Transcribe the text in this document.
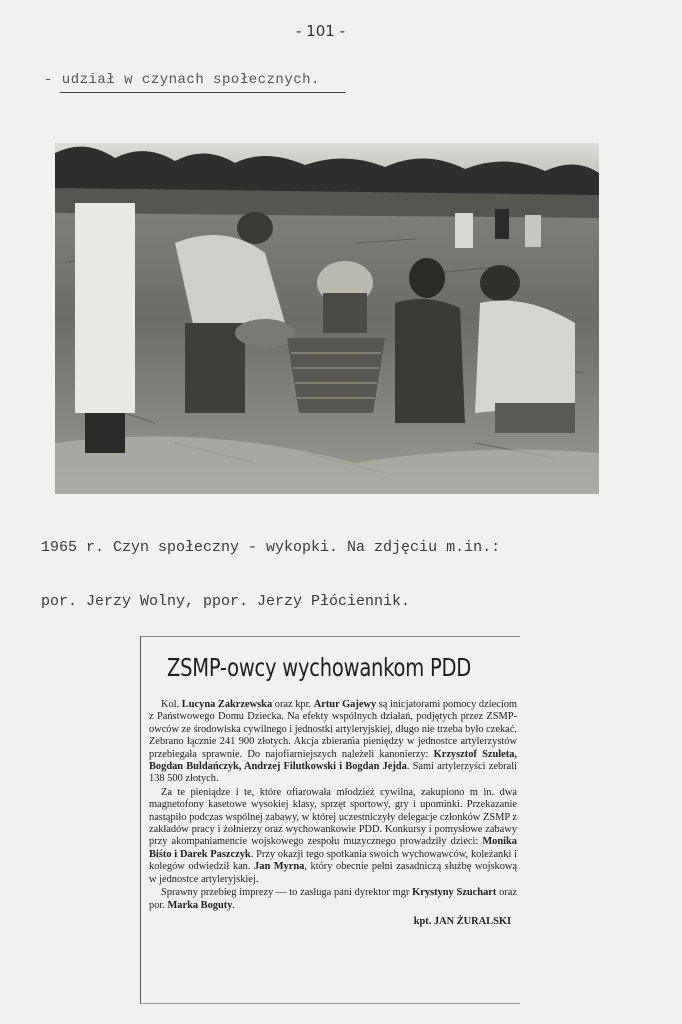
- 101 -
- udział w czynach społecznych.

1965 r. Czyn społeczny - wykopki. Na zdjęciu m.in.:

por. Jerzy Wolny, ppor. Jerzy Płóciennik.

ZSMP-owcy wychowankom PDD

Kol. Lucyna Zakrzewska oraz kpr. Artur Gajewy są inicjatorami pomocy dzieciom z Państwowego Domu Dziecka. Na efekty wspólnych działań, podjętych przez ZSMP-owców ze środowiska cywilnego i jednostki artyleryjskiej, długo nie trzeba było czekać. Zebrano łącznie 241 900 złotych. Akcja zbierania pieniędzy w jednostce artylerzystów przebiegała sprawnie. Do najofiarniejszych należeli kanonierzy: Krzysztof Szuleta, Bogdan Buldańczyk, Andrzej Filutkowski i Bogdan Jejda. Sami artylerzyści zebrali 138 500 złotych.

Za te pieniądze i te, które ofiarowała młodzież cywilna, zakupiono m in. dwa magnetofony kasetowe wysokiej klasy, sprzęt sportowy, gry i upominki. Przekazanie nastąpiło podczas wspólnej zabawy, w której uczestniczyły delegacje członków ZSMP z zakładów pracy i żołnierzy oraz wychowankowie PDD. Konkursy i pomysłowe zabawy przy akompaniamencie wojskowego zespołu muzycznego prowadziły dzieci: Monika Biśto i Darek Paszczyk. Przy okazji tego spotkania swoich wychowawców, koleżanki i kolegów odwiedził kan. Jan Myrna, który obecnie pełni zasadniczą służbę wojskową w jednostce artyleryjskiej.

Sprawny przebieg imprezy — to zasługa pani dyrektor mgr Krystyny Szuchart oraz por. Marka Boguty.

kpt. JAN ŻURALSKI
